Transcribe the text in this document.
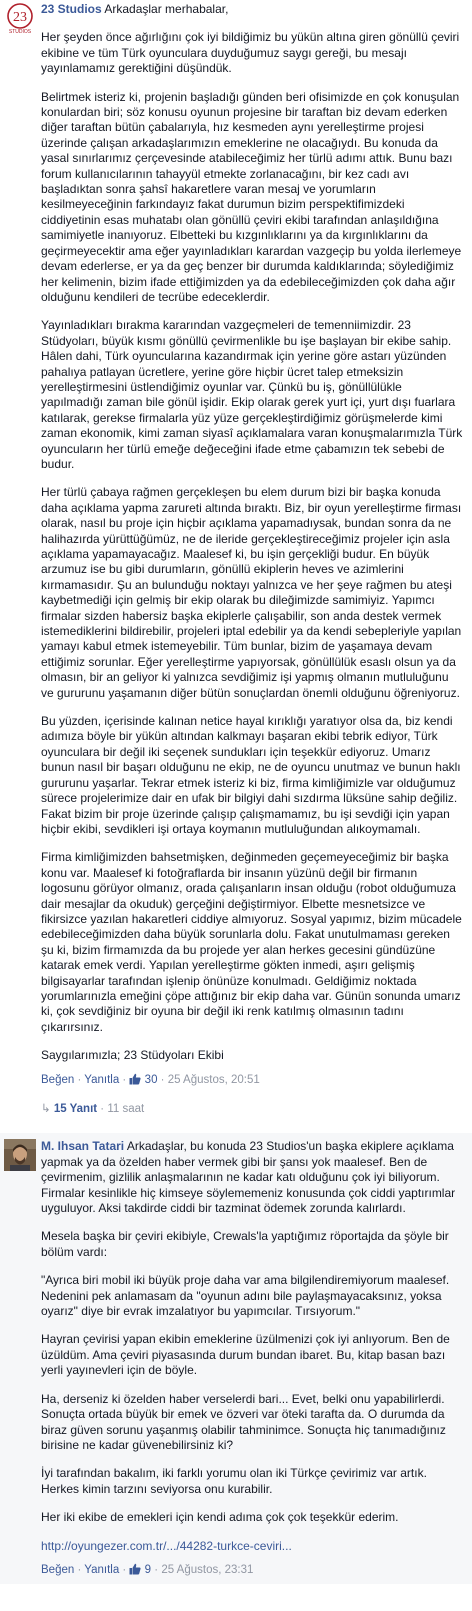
23
STUDIOS

23 Studios Arkadaşlar merhabalar,

Her şeyden önce ağırlığını çok iyi bildiğimiz bu yükün altına giren gönüllü çeviri ekibine ve tüm Türk oyunculara duyduğumuz saygı gereği, bu mesajı yayınlamamız gerektiğini düşündük.

Belirtmek isteriz ki, projenin başladığı günden beri ofisimizde en çok konuşulan konulardan biri; söz konusu oyunun projesine bir taraftan biz devam ederken diğer taraftan bütün çabalarıyla, hız kesmeden aynı yerelleştirme projesi üzerinde çalışan arkadaşlarımızın emeklerine ne olacağıydı. Bu konuda da yasal sınırlarımız çerçevesinde atabileceğimiz her türlü adımı attık. Bunu bazı forum kullanıcılarının tahayyül etmekte zorlanacağını, bir kez cadı avı başladıktan sonra şahsî hakaretlere varan mesaj ve yorumların kesilmeyeceğinin farkındayız fakat durumun bizim perspektifimizdeki ciddiyetinin esas muhatabı olan gönüllü çeviri ekibi tarafından anlaşıldığına samimiyetle inanıyoruz. Elbetteki bu kızgınlıklarını ya da kırgınlıklarını da geçirmeyecektir ama eğer yayınladıkları karardan vazgeçip bu yolda ilerlemeye devam ederlerse, er ya da geç benzer bir durumda kaldıklarında; söylediğimiz her kelimenin, bizim ifade ettiğimizden ya da edebileceğimizden çok daha ağır olduğunu kendileri de tecrübe edeceklerdir.

Yayınladıkları bırakma kararından vazgeçmeleri de temenniimizdir. 23 Stüdyoları, büyük kısmı gönüllü çevirmenlikle bu işe başlayan bir ekibe sahip. Hâlen dahi, Türk oyuncularına kazandırmak için yerine göre astarı yüzünden pahalıya patlayan ücretlere, yerine göre hiçbir ücret talep etmeksizin yerelleştirmesini üstlendiğimiz oyunlar var. Çünkü bu iş, gönüllülükle yapılmadığı zaman bile gönül işidir. Ekip olarak gerek yurt içi, yurt dışı fuarlara katılarak, gerekse firmalarla yüz yüze gerçekleştirdiğimiz görüşmelerde kimi zaman ekonomik, kimi zaman siyasî açıklamalara varan konuşmalarımızla Türk oyuncuların her türlü emeğe değeceğini ifade etme çabamızın tek sebebi de budur.

Her türlü çabaya rağmen gerçekleşen bu elem durum bizi bir başka konuda daha açıklama yapma zarureti altında bıraktı. Biz, bir oyun yerelleştirme firması olarak, nasıl bu proje için hiçbir açıklama yapamadıysak, bundan sonra da ne halihazırda yürüttüğümüz, ne de ileride gerçekleştireceğimiz projeler için asla açıklama yapamayacağız. Maalesef ki, bu işin gerçekliği budur. En büyük arzumuz ise bu gibi durumların, gönüllü ekiplerin heves ve azimlerini kırmamasıdır. Şu an bulunduğu noktayı yalnızca ve her şeye rağmen bu ateşi kaybetmediği için gelmiş bir ekip olarak bu dileğimizde samimiyiz. Yapımcı firmalar sizden habersiz başka ekiplerle çalışabilir, son anda destek vermek istemediklerini bildirebilir, projeleri iptal edebilir ya da kendi sebepleriyle yapılan yamayı kabul etmek istemeyebilir. Tüm bunlar, bizim de yaşamaya devam ettiğimiz sorunlar. Eğer yerelleştirme yapıyorsak, gönüllülük esaslı olsun ya da olmasın, bir an geliyor ki yalnızca sevdiğimiz işi yapmış olmanın mutluluğunu ve gururunu yaşamanın diğer bütün sonuçlardan önemli olduğunu öğreniyoruz.

Bu yüzden, içerisinde kalınan netice hayal kırıklığı yaratıyor olsa da, biz kendi adımıza böyle bir yükün altından kalkmayı başaran ekibi tebrik ediyor, Türk oyunculara bir değil iki seçenek sundukları için teşekkür ediyoruz. Umarız bunun nasıl bir başarı olduğunu ne ekip, ne de oyuncu unutmaz ve bunun haklı gururunu yaşarlar. Tekrar etmek isteriz ki biz, firma kimliğimizle var olduğumuz sürece projelerimize dair en ufak bir bilgiyi dahi sızdırma lüksüne sahip değiliz. Fakat bizim bir proje üzerinde çalışıp çalışmamamız, bu işi sevdiği için yapan hiçbir ekibi, sevdikleri işi ortaya koymanın mutluluğundan alıkoymamalı.

Firma kimliğimizden bahsetmişken, değinmeden geçemeyeceğimiz bir başka konu var. Maalesef ki fotoğraflarda bir insanın yüzünü değil bir firmanın logosunu görüyor olmanız, orada çalışanların insan olduğu (robot olduğumuza dair mesajlar da okuduk) gerçeğini değiştirmiyor. Elbette mesnetsizce ve fikirsizce yazılan hakaretleri ciddiye almıyoruz. Sosyal yapımız, bizim mücadele edebileceğimizden daha büyük sorunlarla dolu. Fakat unutulmaması gereken şu ki, bizim firmamızda da bu projede yer alan herkes gecesini gündüzüne katarak emek verdi. Yapılan yerelleştirme gökten inmedi, aşırı gelişmiş bilgisayarlar tarafından işlenip önünüze konulmadı. Geldiğimiz noktada yorumlarınızla emeğini çöpe attığınız bir ekip daha var. Günün sonunda umarız ki, çok sevdiğiniz bir oyuna bir değil iki renk katılmış olmasının tadını çıkarırsınız.

Saygılarımızla; 23 Stüdyoları Ekibi

Beğen · Yanıtla ·  30 · 25 Ağustos, 20:51
↳ 15 Yanıt · 11 saat

M. Ihsan Tatari Arkadaşlar, bu konuda 23 Studios'un başka ekiplere açıklama yapmak ya da özelden haber vermek gibi bir şansı yok maalesef. Ben de çevirmenim, gizlilik anlaşmalarının ne kadar katı olduğunu çok iyi biliyorum. Firmalar kesinlikle hiç kimseye söylememeniz konusunda çok ciddi yaptırımlar uyguluyor. Aksi takdirde ciddi bir tazminat ödemek zorunda kalırlardı.

Mesela başka bir çeviri ekibiyle, Crewals'la yaptığımız röportajda da şöyle bir bölüm vardı:

"Ayrıca biri mobil iki büyük proje daha var ama bilgilendiremiyorum maalesef. Nedenini pek anlamasam da "oyunun adını bile paylaşmayacaksınız, yoksa oyarız" diye bir evrak imzalatıyor bu yapımcılar. Tırsıyorum."

Hayran çevirisi yapan ekibin emeklerine üzülmenizi çok iyi anlıyorum. Ben de üzüldüm. Ama çeviri piyasasında durum bundan ibaret. Bu, kitap basan bazı yerli yayınevleri için de böyle.

Ha, derseniz ki özelden haber verselerdi bari... Evet, belki onu yapabilirlerdi. Sonuçta ortada büyük bir emek ve özveri var öteki tarafta da. O durumda da biraz güven sorunu yaşanmış olabilir tahminimce. Sonuçta hiç tanımadığınız birisine ne kadar güvenebilirsiniz ki?

İyi tarafından bakalım, iki farklı yorumu olan iki Türkçe çevirimiz var artık. Herkes kimin tarzını seviyorsa onu kurabilir.

Her iki ekibe de emekleri için kendi adıma çok çok teşekkür ederim.

http://oyungezer.com.tr/.../44282-turkce-ceviri...

Beğen · Yanıtla ·  9 · 25 Ağustos, 23:31
